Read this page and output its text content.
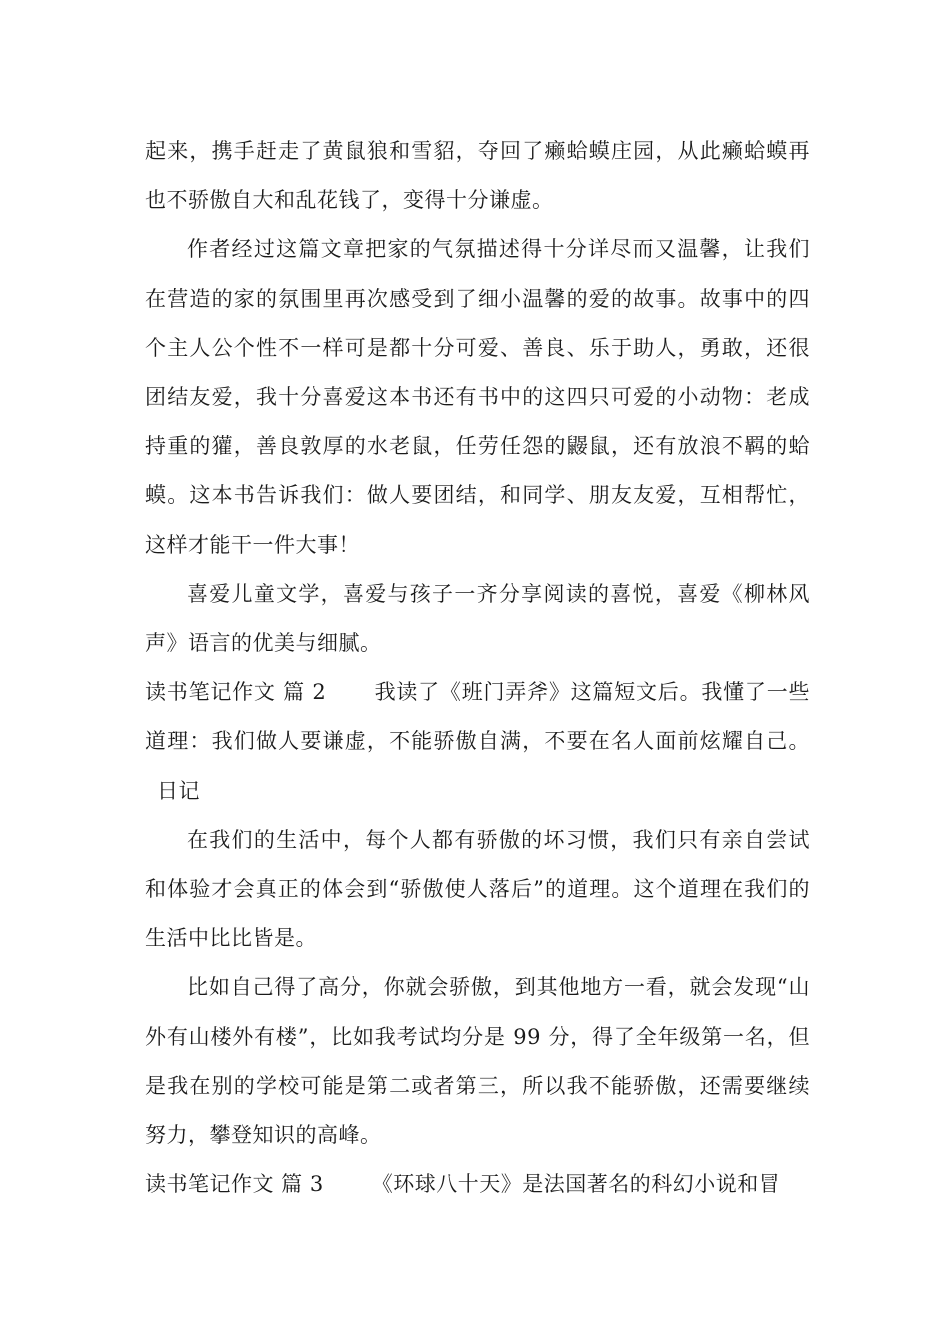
起来，携手赶走了黄鼠狼和雪貂，夺回了癞蛤蟆庄园，从此癞蛤蟆再也不骄傲自大和乱花钱了，变得十分谦虚。

作者经过这篇文章把家的气氛描述得十分详尽而又温馨，让我们在营造的家的氛围里再次感受到了细小温馨的爱的故事。故事中的四个主人公个性不一样可是都十分可爱、善良、乐于助人，勇敢，还很团结友爱，我十分喜爱这本书还有书中的这四只可爱的小动物：老成持重的獾，善良敦厚的水老鼠，任劳任怨的鼹鼠，还有放浪不羁的蛤蟆。这本书告诉我们：做人要团结，和同学、朋友友爱，互相帮忙，这样才能干一件大事！

喜爱儿童文学，喜爱与孩子一齐分享阅读的喜悦，喜爱《柳林风声》语言的优美与细腻。

读书笔记作文 篇 2 我读了《班门弄斧》这篇短文后。我懂了一些道理：我们做人要谦虚，不能骄傲自满，不要在名人面前炫耀自己。日记

在我们的生活中，每个人都有骄傲的坏习惯，我们只有亲自尝试和体验才会真正的体会到“骄傲使人落后”的道理。这个道理在我们的生活中比比皆是。

比如自己得了高分，你就会骄傲，到其他地方一看，就会发现“山外有山楼外有楼”，比如我考试均分是 99 分，得了全年级第一名，但是我在别的学校可能是第二或者第三，所以我不能骄傲，还需要继续努力，攀登知识的高峰。

读书笔记作文 篇 3 《环球八十天》是法国著名的科幻小说和冒
